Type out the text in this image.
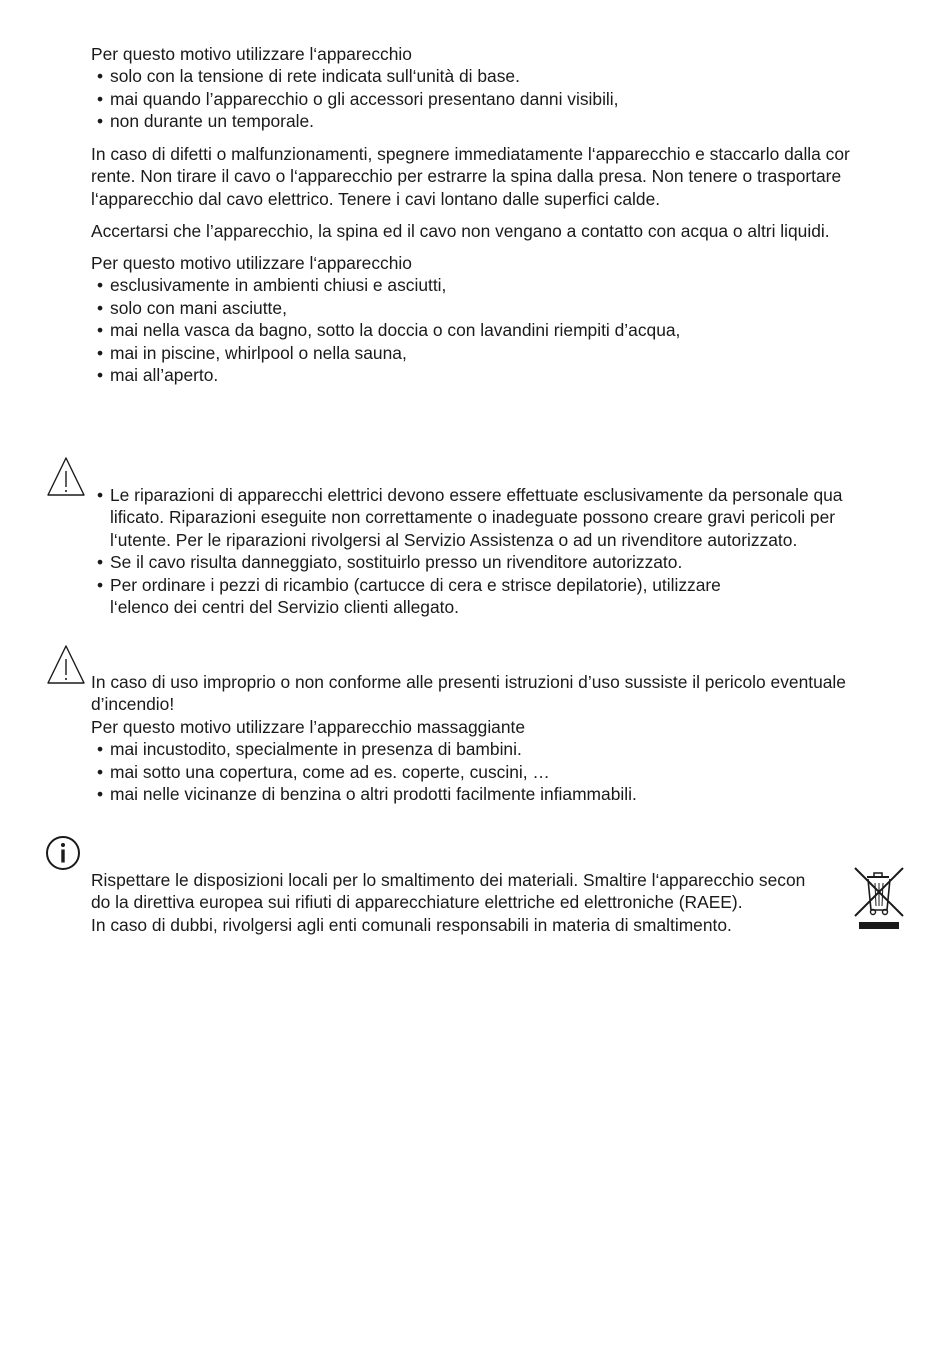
Per questo motivo utilizzare l‘apparecchio

• solo con la tensione di rete indicata sull‘unità di base.
• mai quando l’apparecchio o gli accessori presentano danni visibili,
• non durante un temporale.

In caso di difetti o malfunzionamenti, spegnere immediatamente l‘apparecchio e staccarlo dalla cor

rente. Non tirare il cavo o l‘apparecchio per estrarre la spina dalla presa. Non tenere o trasportare

l‘apparecchio dal cavo elettrico. Tenere i cavi lontano dalle superfici calde.

Accertarsi che l’apparecchio, la spina ed il cavo non vengano a contatto con acqua o altri liquidi.

Per questo motivo utilizzare l‘apparecchio

• esclusivamente in ambienti chiusi e asciutti,
• solo con mani asciutte,
• mai nella vasca da bagno, sotto la doccia o con lavandini riempiti d’acqua,
• mai in piscine, whirlpool o nella sauna,
• mai all’aperto.
• Le riparazioni di apparecchi elettrici devono essere effettuate esclusivamente da personale qua
lificato. Riparazioni eseguite non correttamente o inadeguate possono creare gravi pericoli per
l‘utente. Per le riparazioni rivolgersi al Servizio Assistenza o ad un rivenditore autorizzato.
• Se il cavo risulta danneggiato, sostituirlo presso un rivenditore autorizzato.
• Per ordinare i pezzi di ricambio (cartucce di cera e strisce depilatorie), utilizzare
l‘elenco dei centri del Servizio clienti allegato.

In caso di uso improprio o non conforme alle presenti istruzioni d’uso sussiste il pericolo eventuale

d’incendio!

Per questo motivo utilizzare l’apparecchio massaggiante

• mai incustodito, specialmente in presenza di bambini.
• mai sotto una copertura, come ad es. coperte, cuscini, …
• mai nelle vicinanze di benzina o altri prodotti facilmente infiammabili.

Rispettare le disposizioni locali per lo smaltimento dei materiali. Smaltire l‘apparecchio secon

do la direttiva europea sui rifiuti di apparecchiature elettriche ed elettroniche (RAEE).

In caso di dubbi, rivolgersi agli enti comunali responsabili in materia di smaltimento.
